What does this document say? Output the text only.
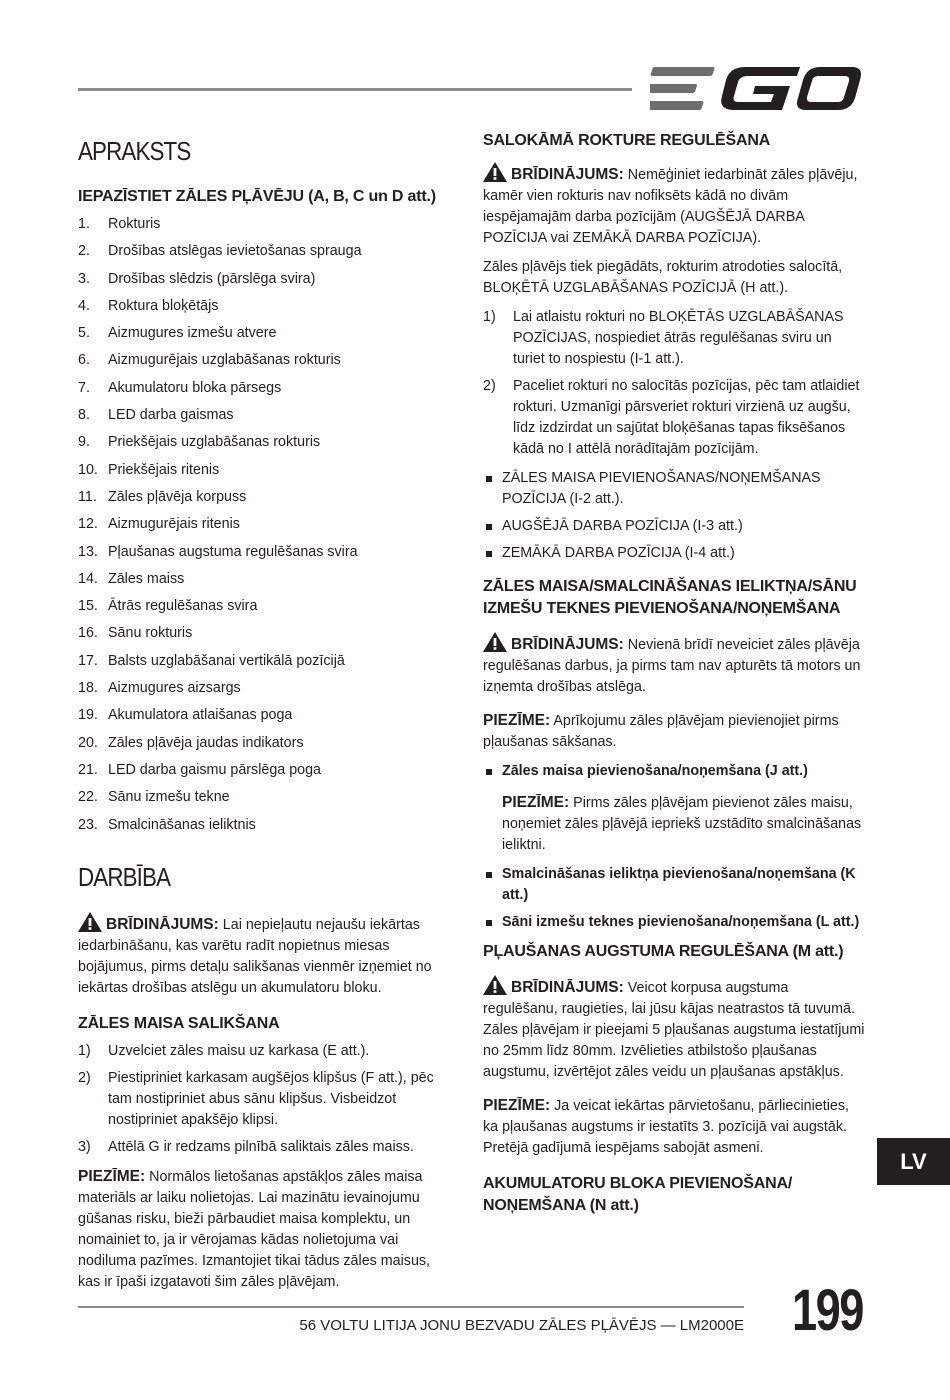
APRAKSTS
IEPAZĪSTIET ZĀLES PĻĀVĒJU (A, B, C un D att.)
1. Rokturis
2. Drošības atslēgas ievietošanas sprauga
3. Drošības slēdzis (pārslēga svira)
4. Roktura bloķētājs
5. Aizmugures izmešu atvere
6. Aizmugurējais uzglabāšanas rokturis
7. Akumulatoru bloka pārsegs
8. LED darba gaismas
9. Priekšējais uzglabāšanas rokturis
10. Priekšējais ritenis
11. Zāles pļāvēja korpuss
12. Aizmugurējais ritenis
13. Pļaušanas augstuma regulēšanas svira
14. Zāles maiss
15. Ātrās regulēšanas svira
16. Sānu rokturis
17. Balsts uzglabāšanai vertikālā pozīcijā
18. Aizmugures aizsargs
19. Akumulatora atlaišanas poga
20. Zāles pļāvēja jaudas indikators
21. LED darba gaismu pārslēga poga
22. Sānu izmešu tekne
23. Smalcināšanas ieliktnis
DARBĪBA

BRĪDINĀJUMS: Lai nepieļautu nejaušu iekārtas iedarbināšanu, kas varētu radīt nopietnus miesas bojājumus, pirms detaļu salikšanas vienmēr izņemiet no iekārtas drošības atslēgu un akumulatoru bloku.

ZĀLES MAISA SALIKŠANA
1) Uzvelciet zāles maisu uz karkasa (E att.).
2) Piestipriniet karkasam augšējos klipšus (F att.), pēc tam nostipriniet abus sānu klipšus. Visbeidzot nostipriniet apakšējo klipsi.
3) Attēlā G ir redzams pilnībā saliktais zāles maiss.

PIEZĪME: Normālos lietošanas apstākļos zāles maisa materiāls ar laiku nolietojas. Lai mazinātu ievainojumu gūšanas risku, bieži pārbaudiet maisa komplektu, un nomainiet to, ja ir vērojamas kādas nolietojuma vai nodiluma pazīmes. Izmantojiet tikai tādus zāles maisus, kas ir īpaši izgatavoti šim zāles pļāvējam.

SALOKĀMĀ ROKTURE REGULĒŠANA

BRĪDINĀJUMS: Nemēģiniet iedarbināt zāles pļāvēju, kamēr vien rokturis nav nofiksēts kādā no divām iespējamajām darba pozīcijām (AUGŠĒJĀ DARBA POZĪCIJA vai ZEMĀKĀ DARBA POZĪCIJA).

Zāles pļāvējs tiek piegādāts, rokturim atrodoties salocītā, BLOĶĒTĀ UZGLABĀŠANAS POZĪCIJĀ (H att.).

1) Lai atlaistu rokturi no BLOĶĒTĀS UZGLABĀŠANAS POZĪCIJAS, nospiediet ātrās regulēšanas sviru un turiet to nospiestu (I-1 att.).
2) Paceliet rokturi no salocītās pozīcijas, pēc tam atlaidiet rokturi. Uzmanīgi pārsveriet rokturi virzienā uz augšu, līdz izdzirdat un sajūtat bloķēšanas tapas fiksēšanos kādā no I attēlā norādītajām pozīcijām.
ZĀLES MAISA PIEVIENOŠANAS/NOŅEMŠANAS POZĪCIJA (I-2 att.).
AUGŠĒJĀ DARBA POZĪCIJA (I-3 att.)
ZEMĀKĀ DARBA POZĪCIJA (I-4 att.)
ZĀLES MAISA/SMALCINĀŠANAS IELIKTŅA/SĀNU IZMEŠU TEKNES PIEVIENOŠANA/NOŅEMŠANA

BRĪDINĀJUMS: Nevienā brīdī neveiciet zāles pļāvēja regulēšanas darbus, ja pirms tam nav apturēts tā motors un izņemta drošības atslēga.

PIEZĪME: Aprīkojumu zāles pļāvējam pievienojiet pirms pļaušanas sākšanas.

Zāles maisa pievienošana/noņemšana (J att.)

PIEZĪME: Pirms zāles pļāvējam pievienot zāles maisu, noņemiet zāles pļāvējā iepriekš uzstādīto smalcināšanas ieliktni.

Smalcināšanas ieliktņa pievienošana/noņemšana (K att.)
Sāni izmešu teknes pievienošana/noņemšana (L att.)
PĻAUŠANAS AUGSTUMA REGULĒŠANA (M att.)

BRĪDINĀJUMS: Veicot korpusa augstuma regulēšanu, raugieties, lai jūsu kājas neatrastos tā tuvumā. Zāles pļāvējam ir pieejami 5 pļaušanas augstuma iestatījumi no 25mm līdz 80mm. Izvēlieties atbilstošo pļaušanas augstumu, izvērtējot zāles veidu un pļaušanas apstākļus.

PIEZĪME: Ja veicat iekārtas pārvietošanu, pārliecinieties, ka pļaušanas augstums ir iestatīts 3. pozīcijā vai augstāk. Pretējā gadījumā iespējams sabojāt asmeni.

AKUMULATORU BLOKA PIEVIENOŠANA/ NOŅEMŠANA (N att.)
LV
56 VOLTU LITIJA JONU BEZVADU ZĀLES PĻĀVĒJS — LM2000E 199
